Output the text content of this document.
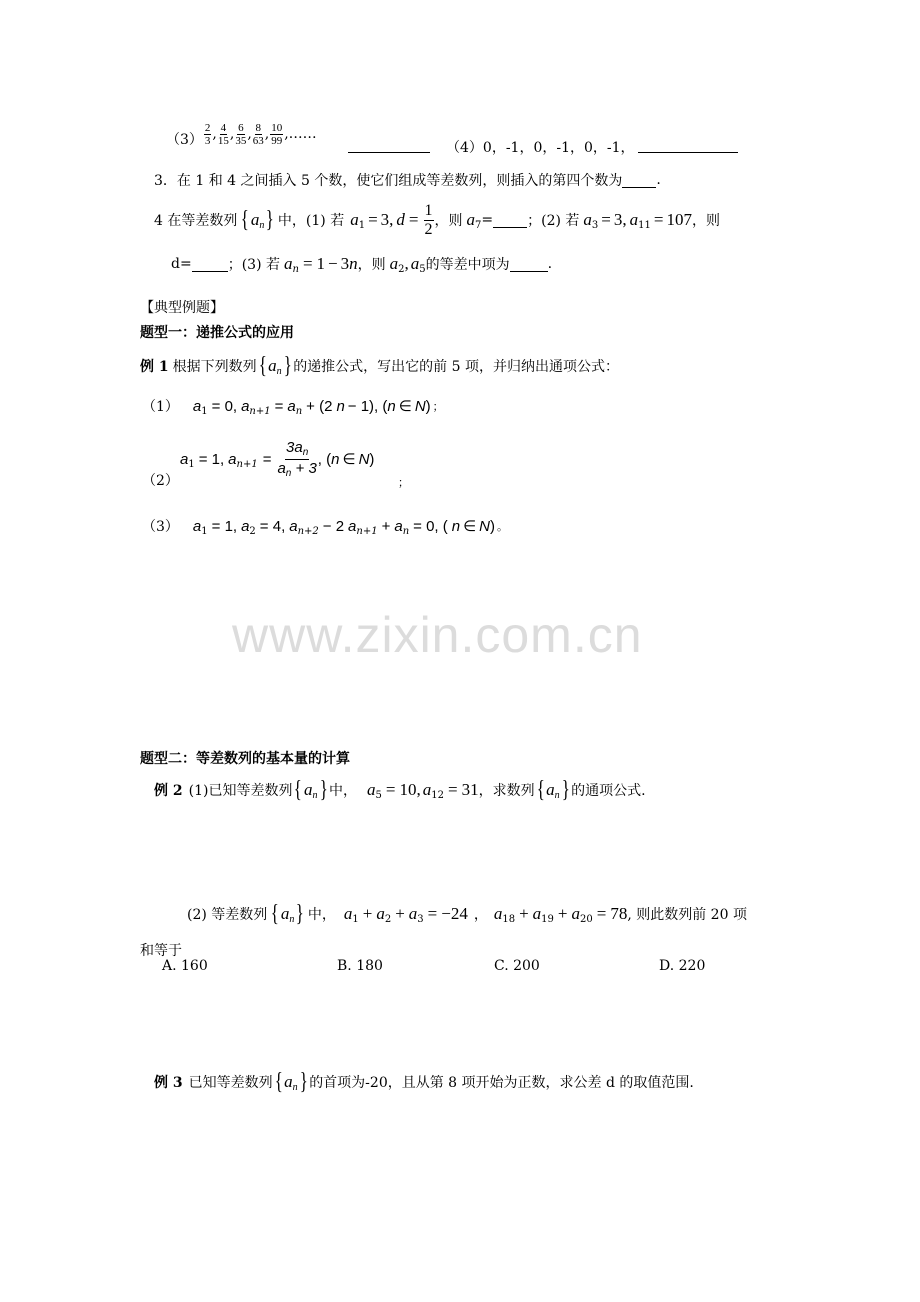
$(3) \frac{2}{3}$ , $\frac{4}{15}$ , $\frac{6}{35}$ , $\frac{8}{63}$ , $\frac{10}{99}$ ,……
（4）0，-1，0，-1，0，-1，
3．在 1 和 4 之间插入 5 个数，使它们组成等差数列，则插入的第四个数为 .
4 在等差数列 { a n } 中，(1) 若 a 1 = 3, $d = \frac{1}{2}$ ，则 a 7 = ；(2) 若 a 3 = 3, a 11 = 107 ，则
d=	；(3) 若 a n = 1 − 3 n ，则 a 2 , a 5 的等差中项为	.
【典型例题】
题型一：递推公式的应用
例 1 根据下列数列 { a n } 的递推公式，写出它的前 5 项，并归纳出通项公式：
（1） a 1 = 0, a n+1 = a n + (2 n − 1), ( n ∈ N ) ；
（2）
a 1 = 1, a $n+1 = \frac{3a_n}{a_n + 3}$ , ( n ∈ N )
；
（3） a 1 = 1, a 2 = 4, a n+2 − 2 a n+1 + a n = 0, ( n ∈ N ) 。
www.zixin.com.cn
题型二：等差数列的基本量的计算
例 2 (1)已知等差数列 { a n } 中， a 5 = 10, a 12 = 31 ，求数列 { a n } 的通项公式.
(2) 等差数列 { a n } 中， a 1 + a 2 + a 3 = −24 ， a 18 + a 19 + a 20 = 78 , 则此数列前 20 项
和等于
A. 160	B. 180	C. 200	D. 220
例 3 已知等差数列 { a n } 的首项为-20，且从第 8 项开始为正数，求公差 d 的取值范围.
